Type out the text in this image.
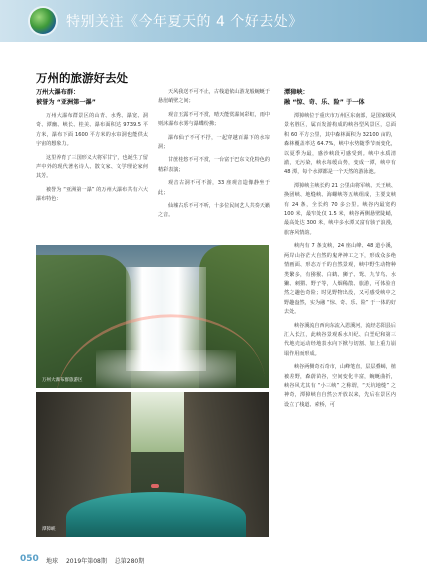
特别关注《今年夏天的 4 个好去处》
万州的旅游好去处
万州大瀑布群：
被誉为 “亚洲第一瀑”
万州大瀑布群景区的山青、水秀、瀑宽、洞奇、潭幽、峡长、桂美、瀑布面积达 9739.5 平方米，瀑布下面 1600 平方米的水帘洞也能供太宇宙的想象力。
这里养育了三国形义大将军甘宁，也诞生了留声中外的现代著名诗人、散文家、文学理论家何其芳。
被誉为 “亚洲第一瀑” 的万州大瀑布共有六大瀑布特色：
天风我送不可不止，古栈道依山游龙般蜿蜒于悬崖峭壁之间；
观音玉露不可不赏，晴天能赏瀑间彩虹，雨中则沐瀑布水雾与瀑蝶纷拂；
瀑布仙子不可不抒，一起穿越百瀑下的水帘洞；
甘蔗桂悠不可不赏，一台富于巴东文化特色的精彩表演；
观音古洞不可不游，33 座观音造像静坐于此；
仙墟古乐不可不听，十多位民间艺人共奏天籁之音。
潭獐峡：
融 “惊、奇、乐、险” 于一体
潭獐峡位于重庆市万州区东南部，是国家级风景名胜区，属百发游构成的峡谷型风景区，总面积 60 平方公里，其中森林面积为 32100 亩的，森林覆盖率达 64.7%，峡中水势随季节而变化，以夏季为最，感沙峡段可感受到。峡中水质清澈，无污染，峡水每缓山势，变成一潭，峡中有 48 潭，每个水潭都是一个天然的游泳池。
潭獐峡主峡长约 21 公里由将军峡、天王峡、换团峡、地缝峡、海螺峡等五峡组成，主要支峡有 24 条，全长约 70 多公里。峡谷内最宽约 100 米，最窄处仅 1.5 米，峡谷两侧悬壁陡峭，最高处达 300 米，峡中多水潭又富有骇子浪漫，旅客风情韵。
峡内有 7 条支峡，24 座山峰、48 道小溪，两岸山谷茫大自然的鬼斧神工之下，形成众多绝情画面、形态万千的自然景观，峡中野生动物种类繁多，有猕猴、白鹤、狮子、鸳、九节鸟、水獭、刺猬、野子等，人烟稀散、旅游，可体验自然之趣色奇险；时见野物出没，又可感受峡中之野趣盎然，实为融 “惊、奇、乐、险” 于一体的好去处。
峡谷溪流自西向东流入恩溪河，流经芯阳县后汇入长江，此峡谷景观系水川纪、白垩纪和第三代地壳运动经地表水向下掀与切割、加上重力崩塌作用而形成。
峡谷两侧奇石奇市，山峰笔直，层层叠嶂，植被差野，森蔚苗谷，空间变化丰富，蜿蜒曲折，峡谷风尤其有 “小三峡” 之称谓，“天坑地缝” 之神奇，潭獐峡自自然公开放以来，先后在景区内设立了栈道、索桥，可
万州大瀑布群旅游区
潭獐峡
050 地球 2019年第08期 总第280期
